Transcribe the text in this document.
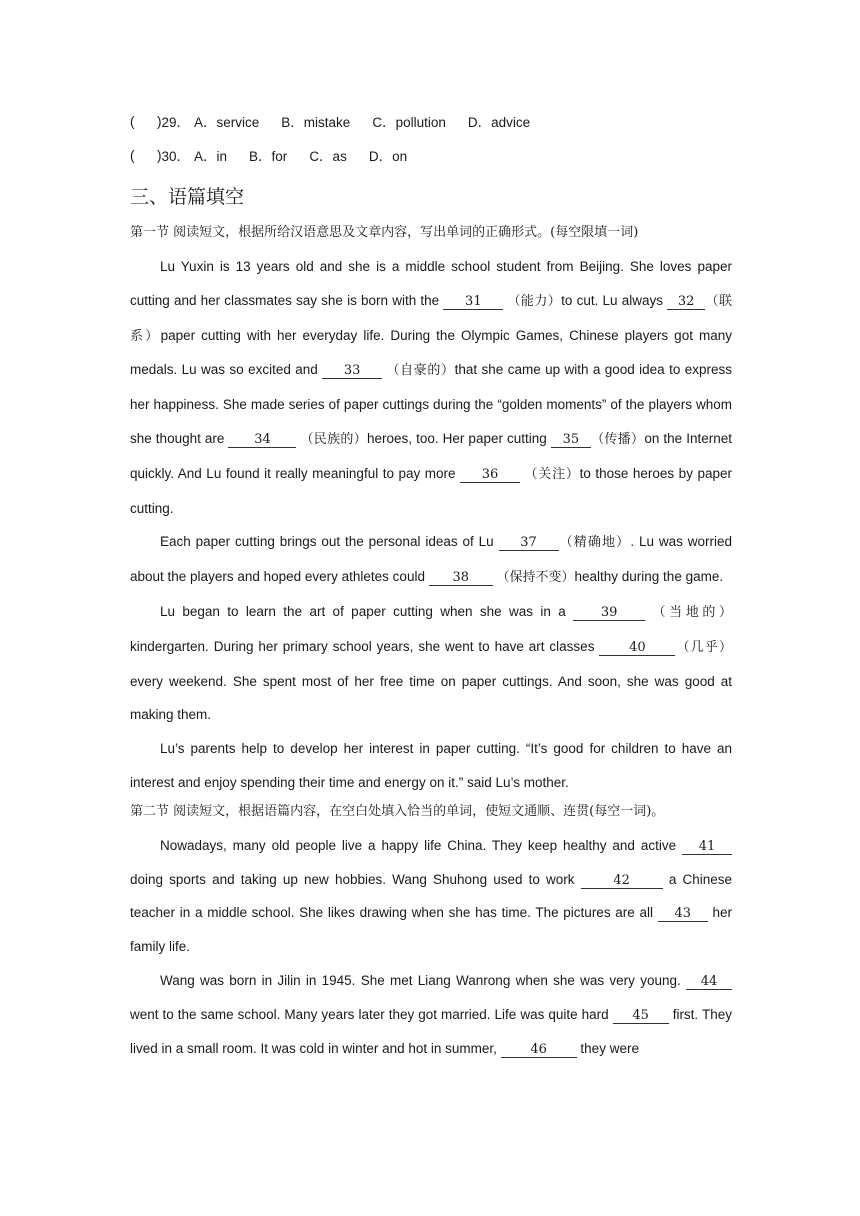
(      ) 29． A．service B．mistake C．pollution D．advice
(      ) 30． A．in B．for C．as D．on
三、语篇填空
第一节 阅读短文，根据所给汉语意思及文章内容，写出单词的正确形式。(每空限填一词)
Lu Yuxin is 13 years old and she is a middle school student from Beijing. She loves paper cutting and her classmates say she is born with the 31 （能力）to cut. Lu always 32 （联系）paper cutting with her everyday life. During the Olympic Games, Chinese players got many medals. Lu was so excited and 33 （自豪的）that she came up with a good idea to express her happiness. She made series of paper cuttings during the “golden moments” of the players whom she thought are 34 （民族的）heroes, too. Her paper cutting 35 （传播）on the Internet quickly. And Lu found it really meaningful to pay more 36 （关注）to those heroes by paper cutting.
Each paper cutting brings out the personal ideas of Lu 37 （精确地）. Lu was worried about the players and hoped every athletes could 38 （保持不变）healthy during the game.
Lu began to learn the art of paper cutting when she was in a 39	（当地的）kindergarten. During her primary school years, she went to have art classes 40 （几乎）every weekend. She spent most of her free time on paper cuttings. And soon, she was good at making them.
Lu’s parents help to develop her interest in paper cutting. “It’s good for children to have an interest and enjoy spending their time and energy on it.” said Lu’s mother.
第二节 阅读短文，根据语篇内容，在空白处填入恰当的单词，使短文通顺、连贯(每空一词)。
Nowadays, many old people live a happy life China. They keep healthy and active 41 doing sports and taking up new hobbies. Wang Shuhong used to work	42	a Chinese teacher in a middle school. She likes drawing when she has time. The pictures are all 43 her family life.
Wang was born in Jilin in 1945. She met Liang Wanrong when she was very young. 44 went to the same school. Many years later they got married. Life was quite hard 45 first. They lived in a small room. It was cold in winter and hot in summer, 46 they were
